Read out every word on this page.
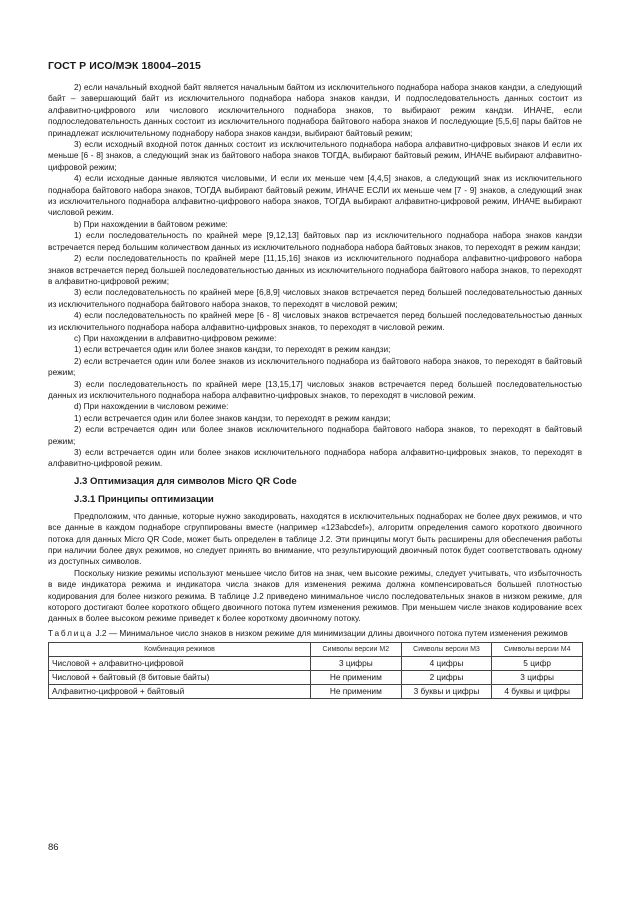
ГОСТ Р ИСО/МЭК 18004–2015

2) если начальный входной байт является начальным байтом из исключительного поднабора набора знаков кандзи, а следующий байт – завершающий байт из исключительного поднабора набора знаков кандзи, И подпоследовательность данных состоит из алфавитно-цифрового или числового исключительного поднабора знаков, то выбирают режим кандзи. ИНАЧЕ, если подпоследовательность данных состоит из исключительного поднабора байтового набора знаков И последующие [5,5,6] пары байтов не принадлежат исключительному поднабору набора знаков кандзи, выбирают байтовый режим;

3) если исходный входной поток данных состоит из исключительного поднабора набора алфавитно-цифровых знаков И если их меньше [6 - 8] знаков, а следующий знак из байтового набора знаков ТОГДА, выбирают байтовый режим, ИНАЧЕ выбирают алфавитно-цифровой режим;

4) если исходные данные являются числовыми, И если их меньше чем [4,4,5] знаков, а следующий знак из исключительного поднабора байтового набора знаков, ТОГДА выбирают байтовый режим, ИНАЧЕ ЕСЛИ их меньше чем [7 - 9] знаков, а следующий знак из исключительного поднабора алфавитно-цифрового набора знаков, ТОГДА выбирают алфавитно-цифровой режим, ИНАЧЕ выбирают числовой режим.

b) При нахождении в байтовом режиме:

1) если последовательность по крайней мере [9,12,13] байтовых пар из исключительного поднабора набора знаков кандзи встречается перед большим количеством данных из исключительного поднабора набора байтовых знаков, то переходят в режим кандзи;

2) если последовательность по крайней мере [11,15,16] знаков из исключительного поднабора алфавитно-цифрового набора знаков встречается перед большей последовательностью данных из исключительного поднабора байтового набора знаков, то переходят в алфавитно-цифровой режим;

3) если последовательность по крайней мере [6,8,9] числовых знаков встречается перед большей последовательностью данных из исключительного поднабора байтового набора знаков, то переходят в числовой режим;

4) если последовательность по крайней мере [6 - 8] числовых знаков встречается перед большей последовательностью данных из исключительного поднабора набора алфавитно-цифровых знаков, то переходят в числовой режим.

c) При нахождении в алфавитно-цифровом режиме:

1) если встречается один или более знаков кандзи, то переходят в режим кандзи;

2) если встречается один или более знаков из исключительного поднабора из байтового набора знаков, то переходят в байтовый режим;

3) если последовательность по крайней мере [13,15,17] числовых знаков встречается перед большей последовательностью данных из исключительного поднабора набора алфавитно-цифровых знаков, то переходят в числовой режим.

d) При нахождении в числовом режиме:

1) если встречается один или более знаков кандзи, то переходят в режим кандзи;

2) если встречается один или более знаков исключительного поднабора байтового набора знаков, то переходят в байтовый режим;

3) если встречается один или более знаков исключительного поднабора набора алфавитно-цифровых знаков, то переходят в алфавитно-цифровой режим.

J.3 Оптимизация для символов Micro QR Code

J.3.1 Принципы оптимизации

Предположим, что данные, которые нужно закодировать, находятся в исключительных поднаборах не более двух режимов, и что все данные в каждом поднаборе сгруппированы вместе (например «123abcdef»), алгоритм определения самого короткого двоичного потока для данных Micro QR Code, может быть определен в таблице J.2. Эти принципы могут быть расширены для обеспечения работы при наличии более двух режимов, но следует принять во внимание, что результирующий двоичный поток будет соответствовать одному из доступных символов.

Поскольку низкие режимы используют меньшее число битов на знак, чем высокие режимы, следует учитывать, что избыточность в виде индикатора режима и индикатора числа знаков для изменения режима должна компенсироваться большей плотностью кодирования для более низкого режима. В таблице J.2 приведено минимальное число последовательных знаков в низком режиме, для которого достигают более короткого общего двоичного потока путем изменения режимов. При меньшем числе знаков кодирование всех данных в более высоком режиме приведет к более короткому двоичному потоку.

Таблица J.2 — Минимальное число знаков в низком режиме для минимизации длины двоичного потока путем изменения режимов

Комбинация режимов	Символы версии M2	Символы версии M3	Символы версии M4
Числовой + алфавитно-цифровой	3 цифры	4 цифры	5 цифр
Числовой + байтовый (8 битовые байты)	Не применим	2 цифры	3 цифры
Алфавитно-цифровой + байтовый	Не применим	3 буквы и цифры	4 буквы и цифры
86
